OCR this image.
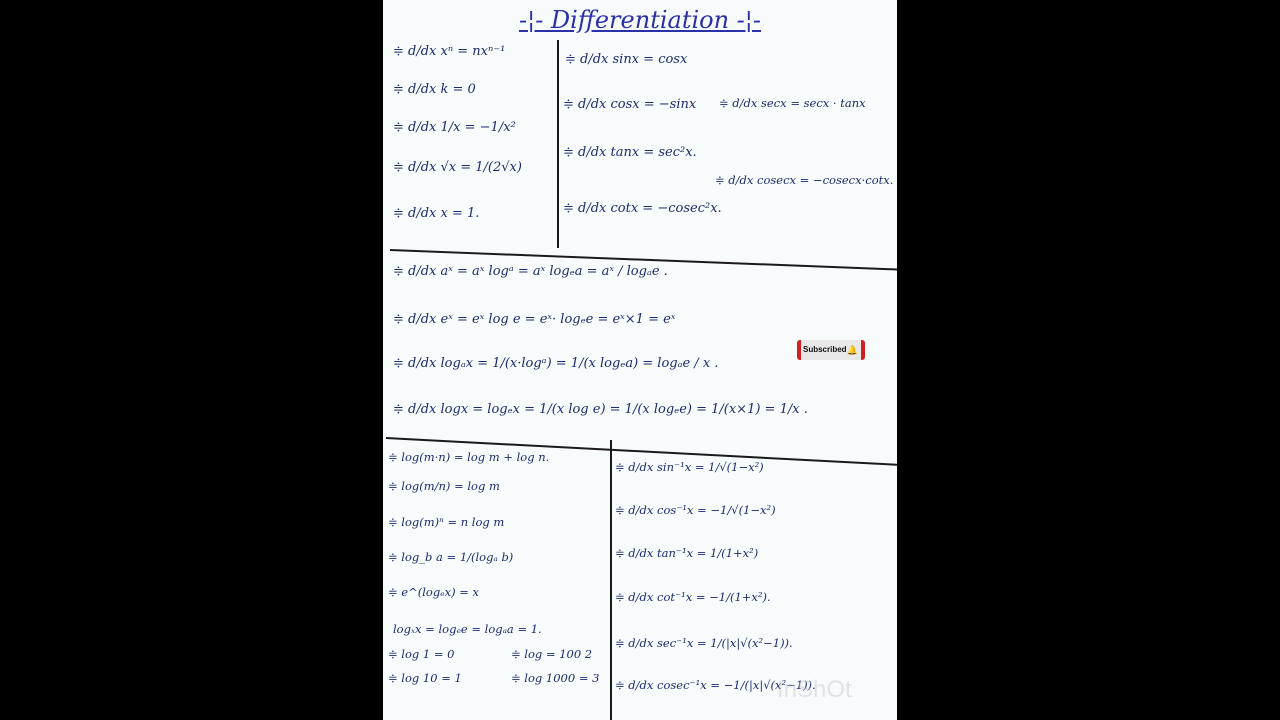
-¦- Differentiation -¦-
≑ d/dx xⁿ = nxⁿ⁻¹
≑ d/dx k = 0
≑ d/dx 1/x = −1/x²
≑ d/dx √x = 1/(2√x)
≑ d/dx x = 1.
≑ d/dx sinx = cosx
≑ d/dx cosx = −sinx ≑ d/dx secx = secx · tanx
≑ d/dx tanx = sec²x.
≑ d/dx cosecx = −cosecx·cotx.
≑ d/dx cotx = −cosec²x.
≑ d/dx aˣ = aˣ logᵃ = aˣ logₑa = aˣ / logₐe .
≑ d/dx eˣ = eˣ log e = eˣ· logₑe = eˣ×1 = eˣ
≑ d/dx logₐx = 1/(x·logᵃ) = 1/(x logₑa) = logₐe / x .
≑ d/dx logx = logₑx = 1/(x log e) = 1/(x logₑe) = 1/(x×1) = 1/x .
≑ log(m·n) = log m + log n.
≑ log(m/n) = log m
≑ log(m)ⁿ = n log m
≑ log_b a = 1/(logₐ b)
≑ e^(logₑx) = x
logₓx = logₑe = logₐa = 1.
≑ log 1 = 0
≑ log 10 = 1
≑ log = 100 2
≑ log 1000 = 3
≑ d/dx sin⁻¹x = 1/√(1−x²)
≑ d/dx cos⁻¹x = −1/√(1−x²)
≑ d/dx tan⁻¹x = 1/(1+x²)
≑ d/dx cot⁻¹x = −1/(1+x²).
≑ d/dx sec⁻¹x = 1/(|x|√(x²−1)).
≑ d/dx cosec⁻¹x = −1/(|x|√(x²−1)).
Subscribed 🔔
InShOt
